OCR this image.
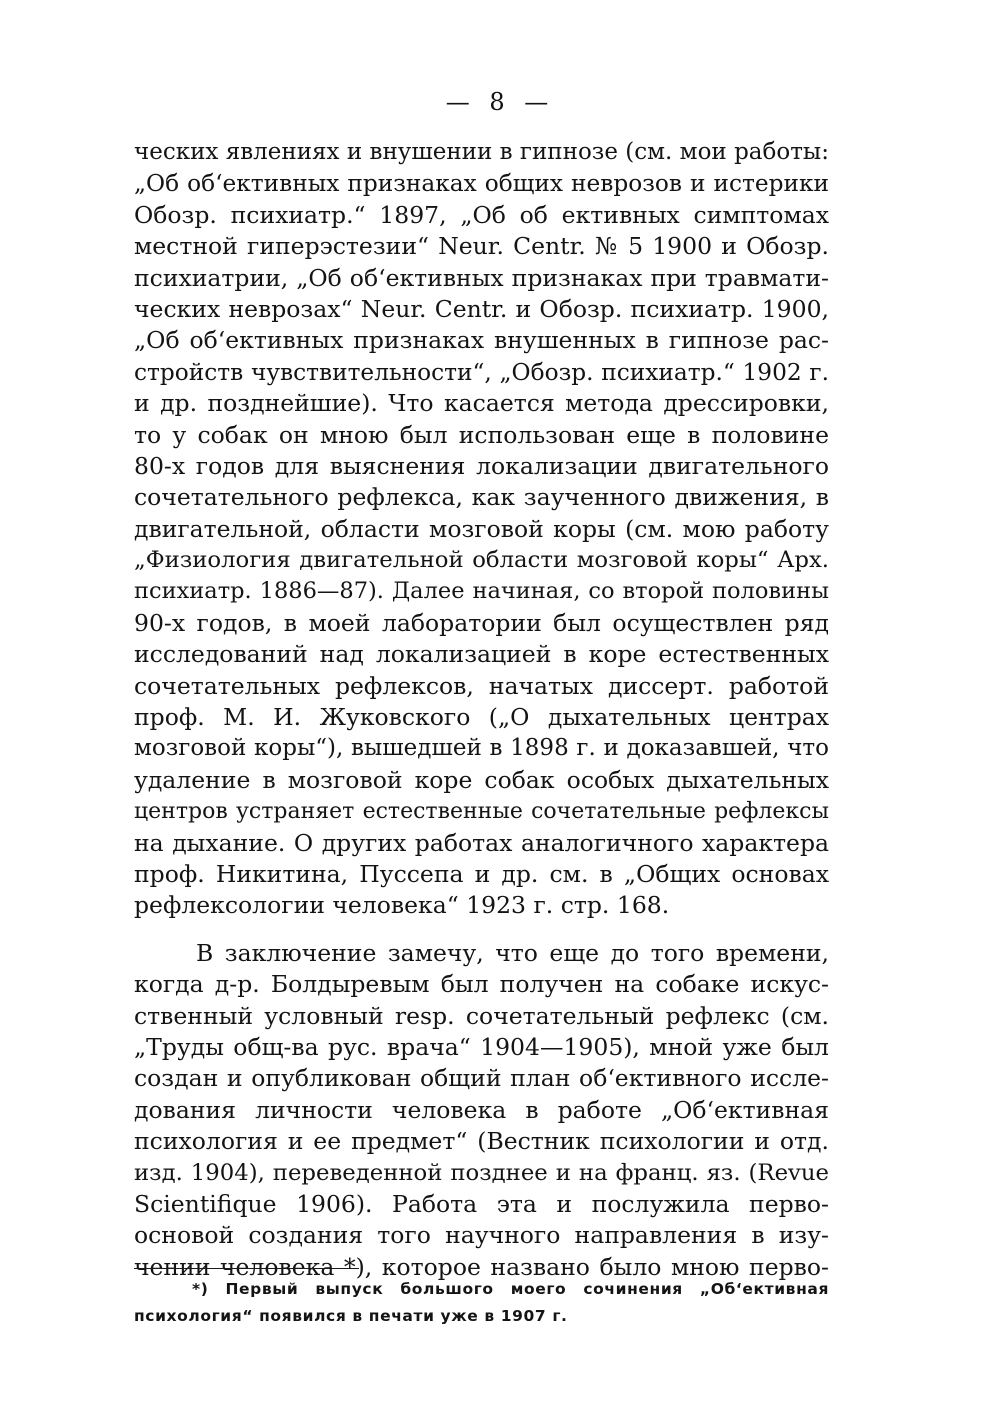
— 8 —
ческих явлениях и внушении в гипнозе (см. мои работы:
„Об об‘ективных признаках общих неврозов и истерики
Обозр. психиатр.“ 1897, „Об об ективных симптомах
местной гиперэстезии“ Neur. Centr. № 5 1900 и Обозр.
психиатрии, „Об об‘ективных признаках при травмати-
ческих неврозах“ Neur. Centr. и Обозр. психиатр. 1900,
„Об об‘ективных признаках внушенных в гипнозе рас-
стройств чувствительности“, „Обозр. психиатр.“ 1902 г.
и др. позднейшие). Что касается метода дрессировки,
то у собак он мною был использован еще в половине
80-х годов для выяснения локализации двигательного
сочетательного рефлекса, как заученного движения, в
двигательной, области мозговой коры (см. мою работу
„Физиология двигательной области мозговой коры“ Арх.
психиатр. 1886—87). Далее начиная, со второй половины
90-х годов, в моей лаборатории был осуществлен ряд
исследований над локализацией в коре естественных
сочетательных рефлексов, начатых диссерт. работой
проф. М. И. Жуковского („О дыхательных центрах
мозговой коры“), вышедшей в 1898 г. и доказавшей, что
удаление в мозговой коре собак особых дыхательных
центров устраняет естественные сочетательные рефлексы
на дыхание. О других работах аналогичного характера
проф. Никитина, Пуссепа и др. см. в „Общих основах
рефлексологии человека“ 1923 г. стр. 168.
В заключение замечу, что еще до того времени,
когда д-р. Болдыревым был получен на собаке искус-
ственный условный resp. сочетательный рефлекс (см.
„Труды общ-ва рус. врача“ 1904—1905), мной уже был
создан и опубликован общий план об‘ективного иссле-
дования личности человека в работе „Об‘ективная
психология и ее предмет“ (Вестник психологии и отд.
изд. 1904), переведенной позднее и на франц. яз. (Revue
Scientifique 1906). Работа эта и послужила перво-
основой создания того научного направления в изу-
чении человека *), которое названо было мною перво-
*) Первый выпуск большого моего сочинения „Об‘ективная
психология“ появился в печати уже в 1907 г.
